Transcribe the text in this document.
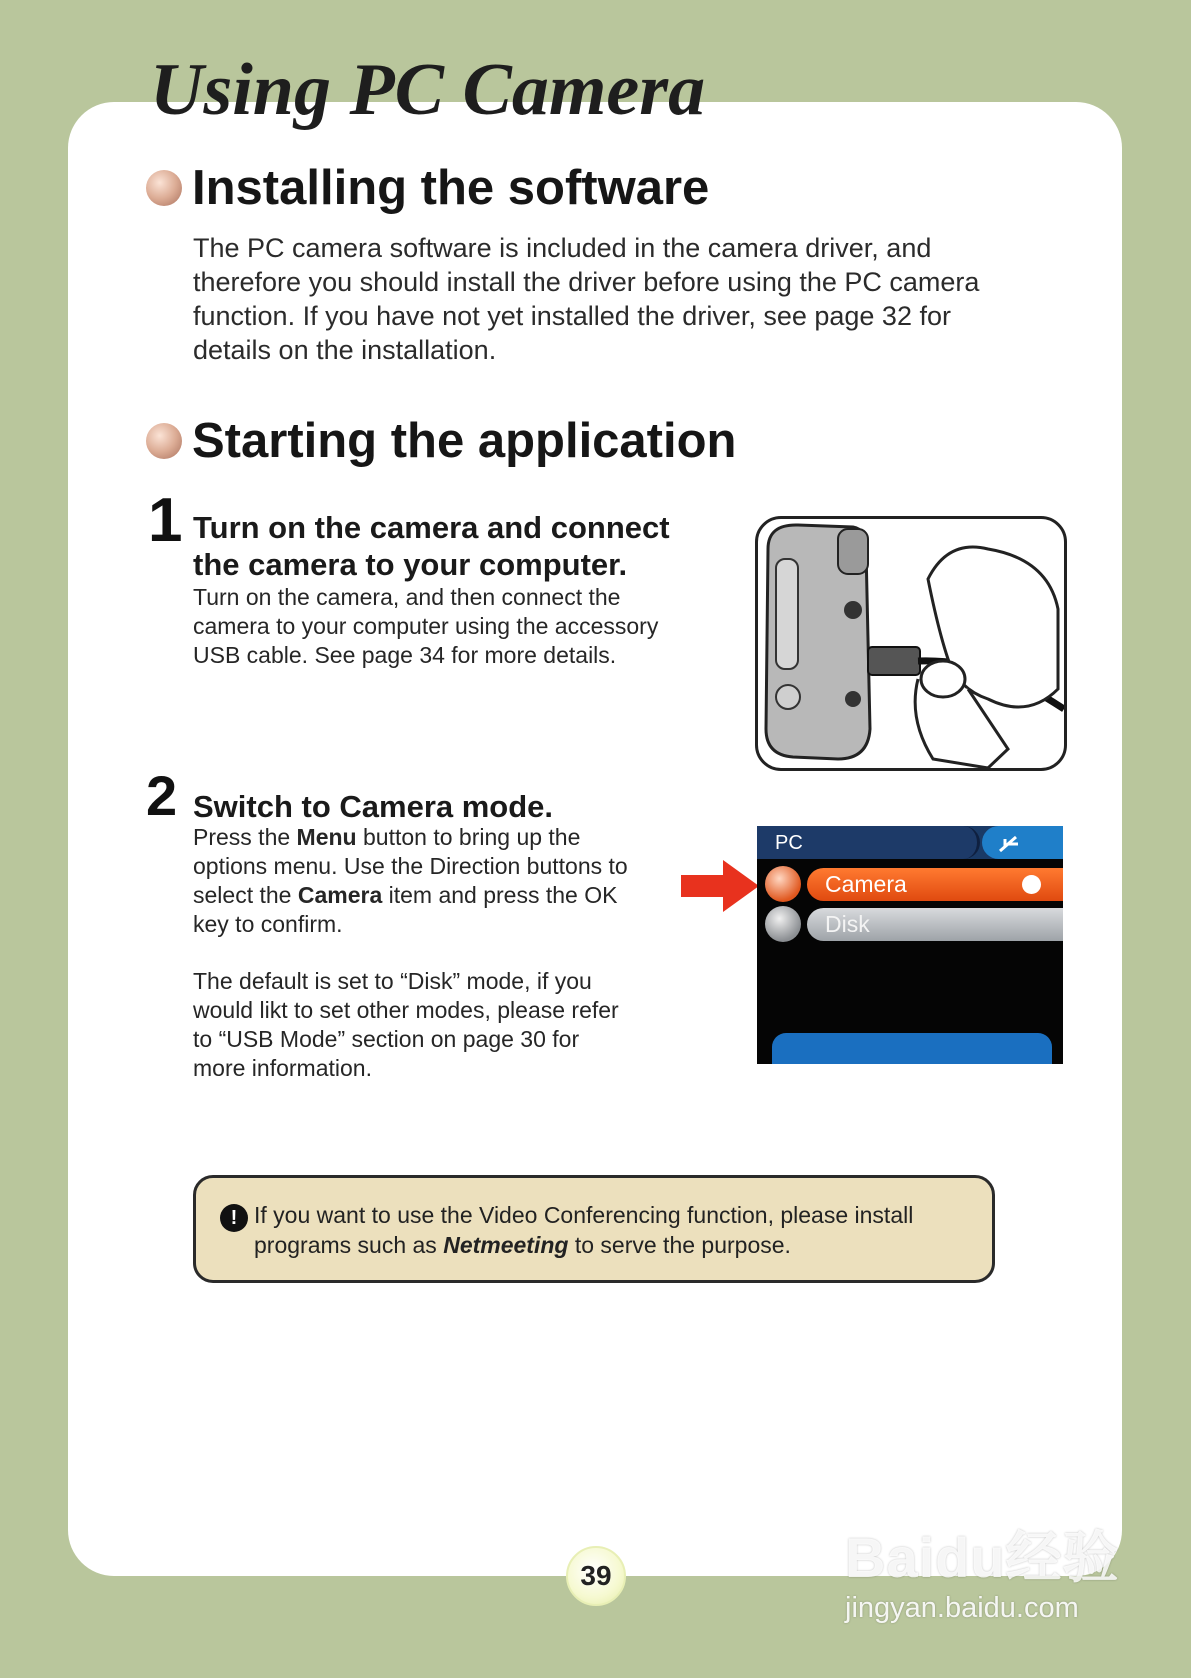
Using PC Camera
Installing the software

The PC camera software is included in the camera driver, and therefore you should install the driver before using the PC camera function. If you have not yet installed the driver, see page 32 for details on the installation.

Starting the application

1 Turn on the camera and connect the camera to your computer.

Turn on the camera, and then connect the camera to your computer using the accessory USB cable. See page 34 for more details.

2 Switch to Camera mode.

Press the Menu button to bring up the options menu. Use the Direction buttons to select the Camera item and press the OK key to confirm.

The default is set to “Disk” mode, if you would likt to set other modes, please refer to “USB Mode” section on page 30 for more information.

PC
Camera
Disk
! If you want to use the Video Conferencing function, please install programs such as Netmeeting to serve the purpose.

39	Baidu经验
jingyan.baidu.com
